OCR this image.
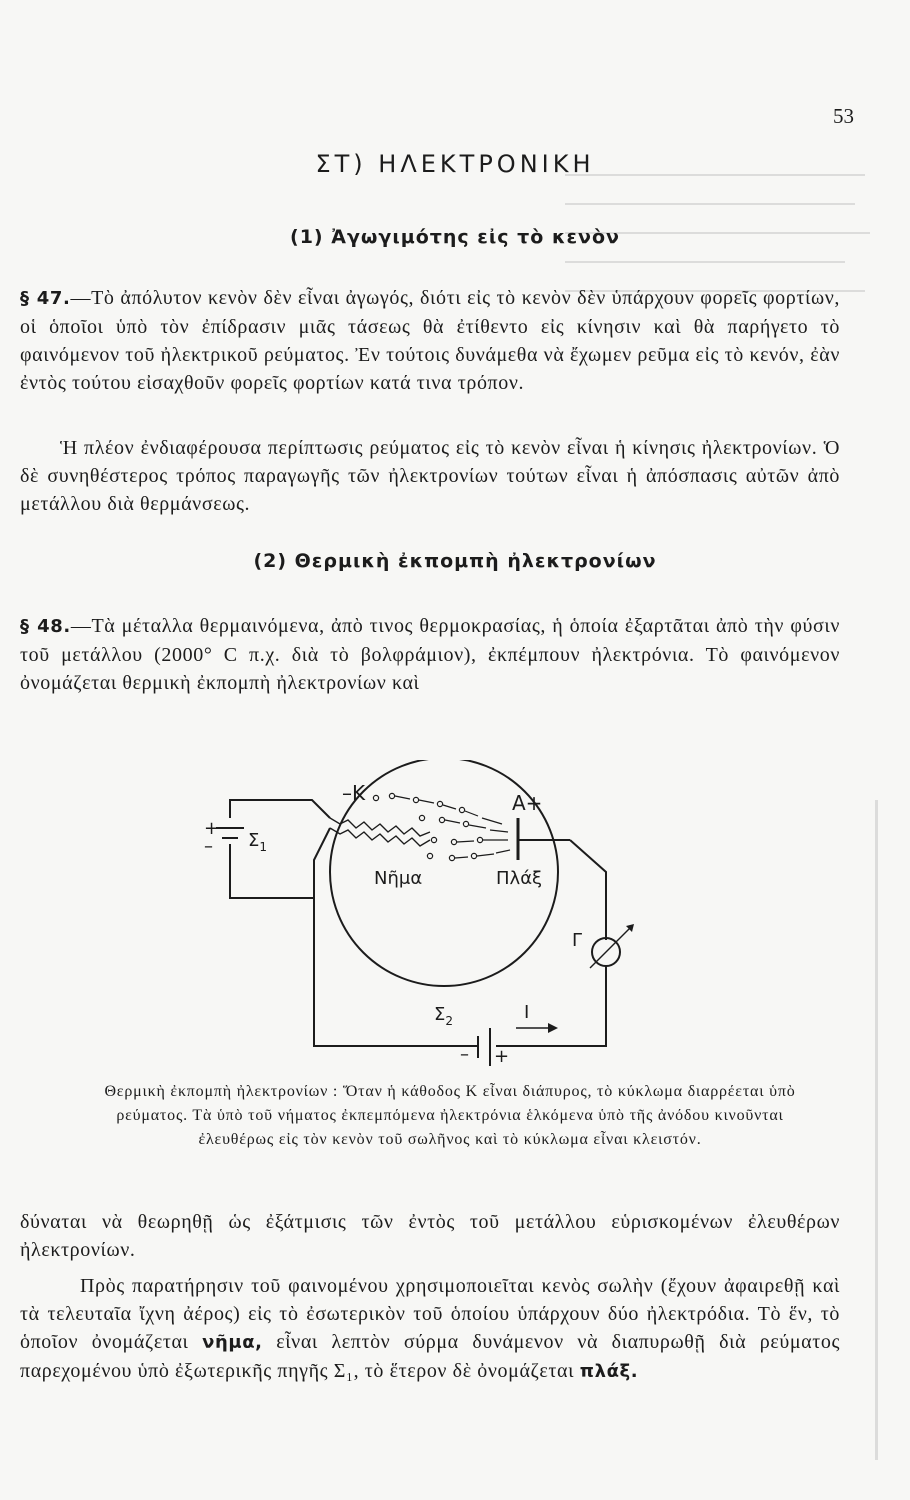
53
ΣΤ) ΗΛΕΚΤΡΟΝΙΚΗ
(1) Ἀγωγιμότης εἰς τὸ κενὸν

§ 47.—Τὸ ἀπόλυτον κενὸν δὲν εἶναι ἀγωγός, διότι εἰς τὸ κενὸν δὲν ὑπάρχουν φορεῖς φορτίων, οἱ ὁποῖοι ὑπὸ τὸν ἐπίδρασιν μιᾶς τάσεως θὰ ἐτίθεντο εἰς κίνησιν καὶ θὰ παρήγετο τὸ φαινόμενον τοῦ ἠλεκτρικοῦ ρεύματος. Ἐν τούτοις δυνάμεθα νὰ ἔχωμεν ρεῦμα εἰς τὸ κενόν, ἐὰν ἐντὸς τούτου εἰσαχθοῦν φορεῖς φορτίων κατά τινα τρόπον.

Ἡ πλέον ἐνδιαφέρουσα περίπτωσις ρεύματος εἰς τὸ κενὸν εἶναι ἡ κίνησις ἠλεκτρονίων. Ὁ δὲ συνηθέστερος τρόπος παραγωγῆς τῶν ἠλεκτρονίων τούτων εἶναι ἡ ἀπόσπασις αὐτῶν ἀπὸ μετάλλου διὰ θερμάνσεως.

(2) Θερμικὴ ἐκπομπὴ ἠλεκτρονίων

§ 48.—Τὰ μέταλλα θερμαινόμενα, ἀπὸ τινος θερμοκρασίας, ἡ ὁποία ἐξαρτᾶται ἀπὸ τὴν φύσιν τοῦ μετάλλου (2000° C π.χ. διὰ τὸ βολφράμιον), ἐκπέμπουν ἠλεκτρόνια. Τὸ φαινόμενον ὀνομάζεται θερμικὴ ἐκπομπὴ ἠλεκτρονίων καὶ

–K	A+
Νῆμα	Πλάξ
+
– $\Sigma_1$
Γ
$\Sigma_2$	I
– +

Θερμικὴ ἐκπομπὴ ἠλεκτρονίων : Ὅταν ἡ κάθοδος K εἶναι διάπυρος, τὸ κύκλωμα διαρρέεται ὑπὸ ρεύματος. Τὰ ὑπὸ τοῦ νήματος ἐκπεμπόμενα ἠλεκτρόνια ἑλκόμενα ὑπὸ τῆς ἀνόδου κινοῦνται ἐλευθέρως εἰς τὸν κενὸν τοῦ σωλῆνος καὶ τὸ κύκλωμα εἶναι κλειστόν.

δύναται νὰ θεωρηθῇ ὡς ἐξάτμισις τῶν ἐντὸς τοῦ μετάλλου εὑρισκομένων ἐλευθέρων ἠλεκτρονίων.

Πρὸς παρατήρησιν τοῦ φαινομένου χρησιμοποιεῖται κενὸς σωλὴν (ἔχουν ἀφαιρεθῇ καὶ τὰ τελευταῖα ἴχνη ἀέρος) εἰς τὸ ἐσωτερικὸν τοῦ ὁποίου ὑπάρχουν δύο ἠλεκτρόδια. Τὸ ἕν, τὸ ὁποῖον ὀνομάζεται νῆμα, εἶναι λεπτὸν σύρμα δυνάμενον νὰ διαπυρωθῇ διὰ ρεύματος παρεχομένου ὑπὸ ἐξωτερικῆς πηγῆς Σ₁, τὸ ἕτερον δὲ ὀνομάζεται πλάξ.
